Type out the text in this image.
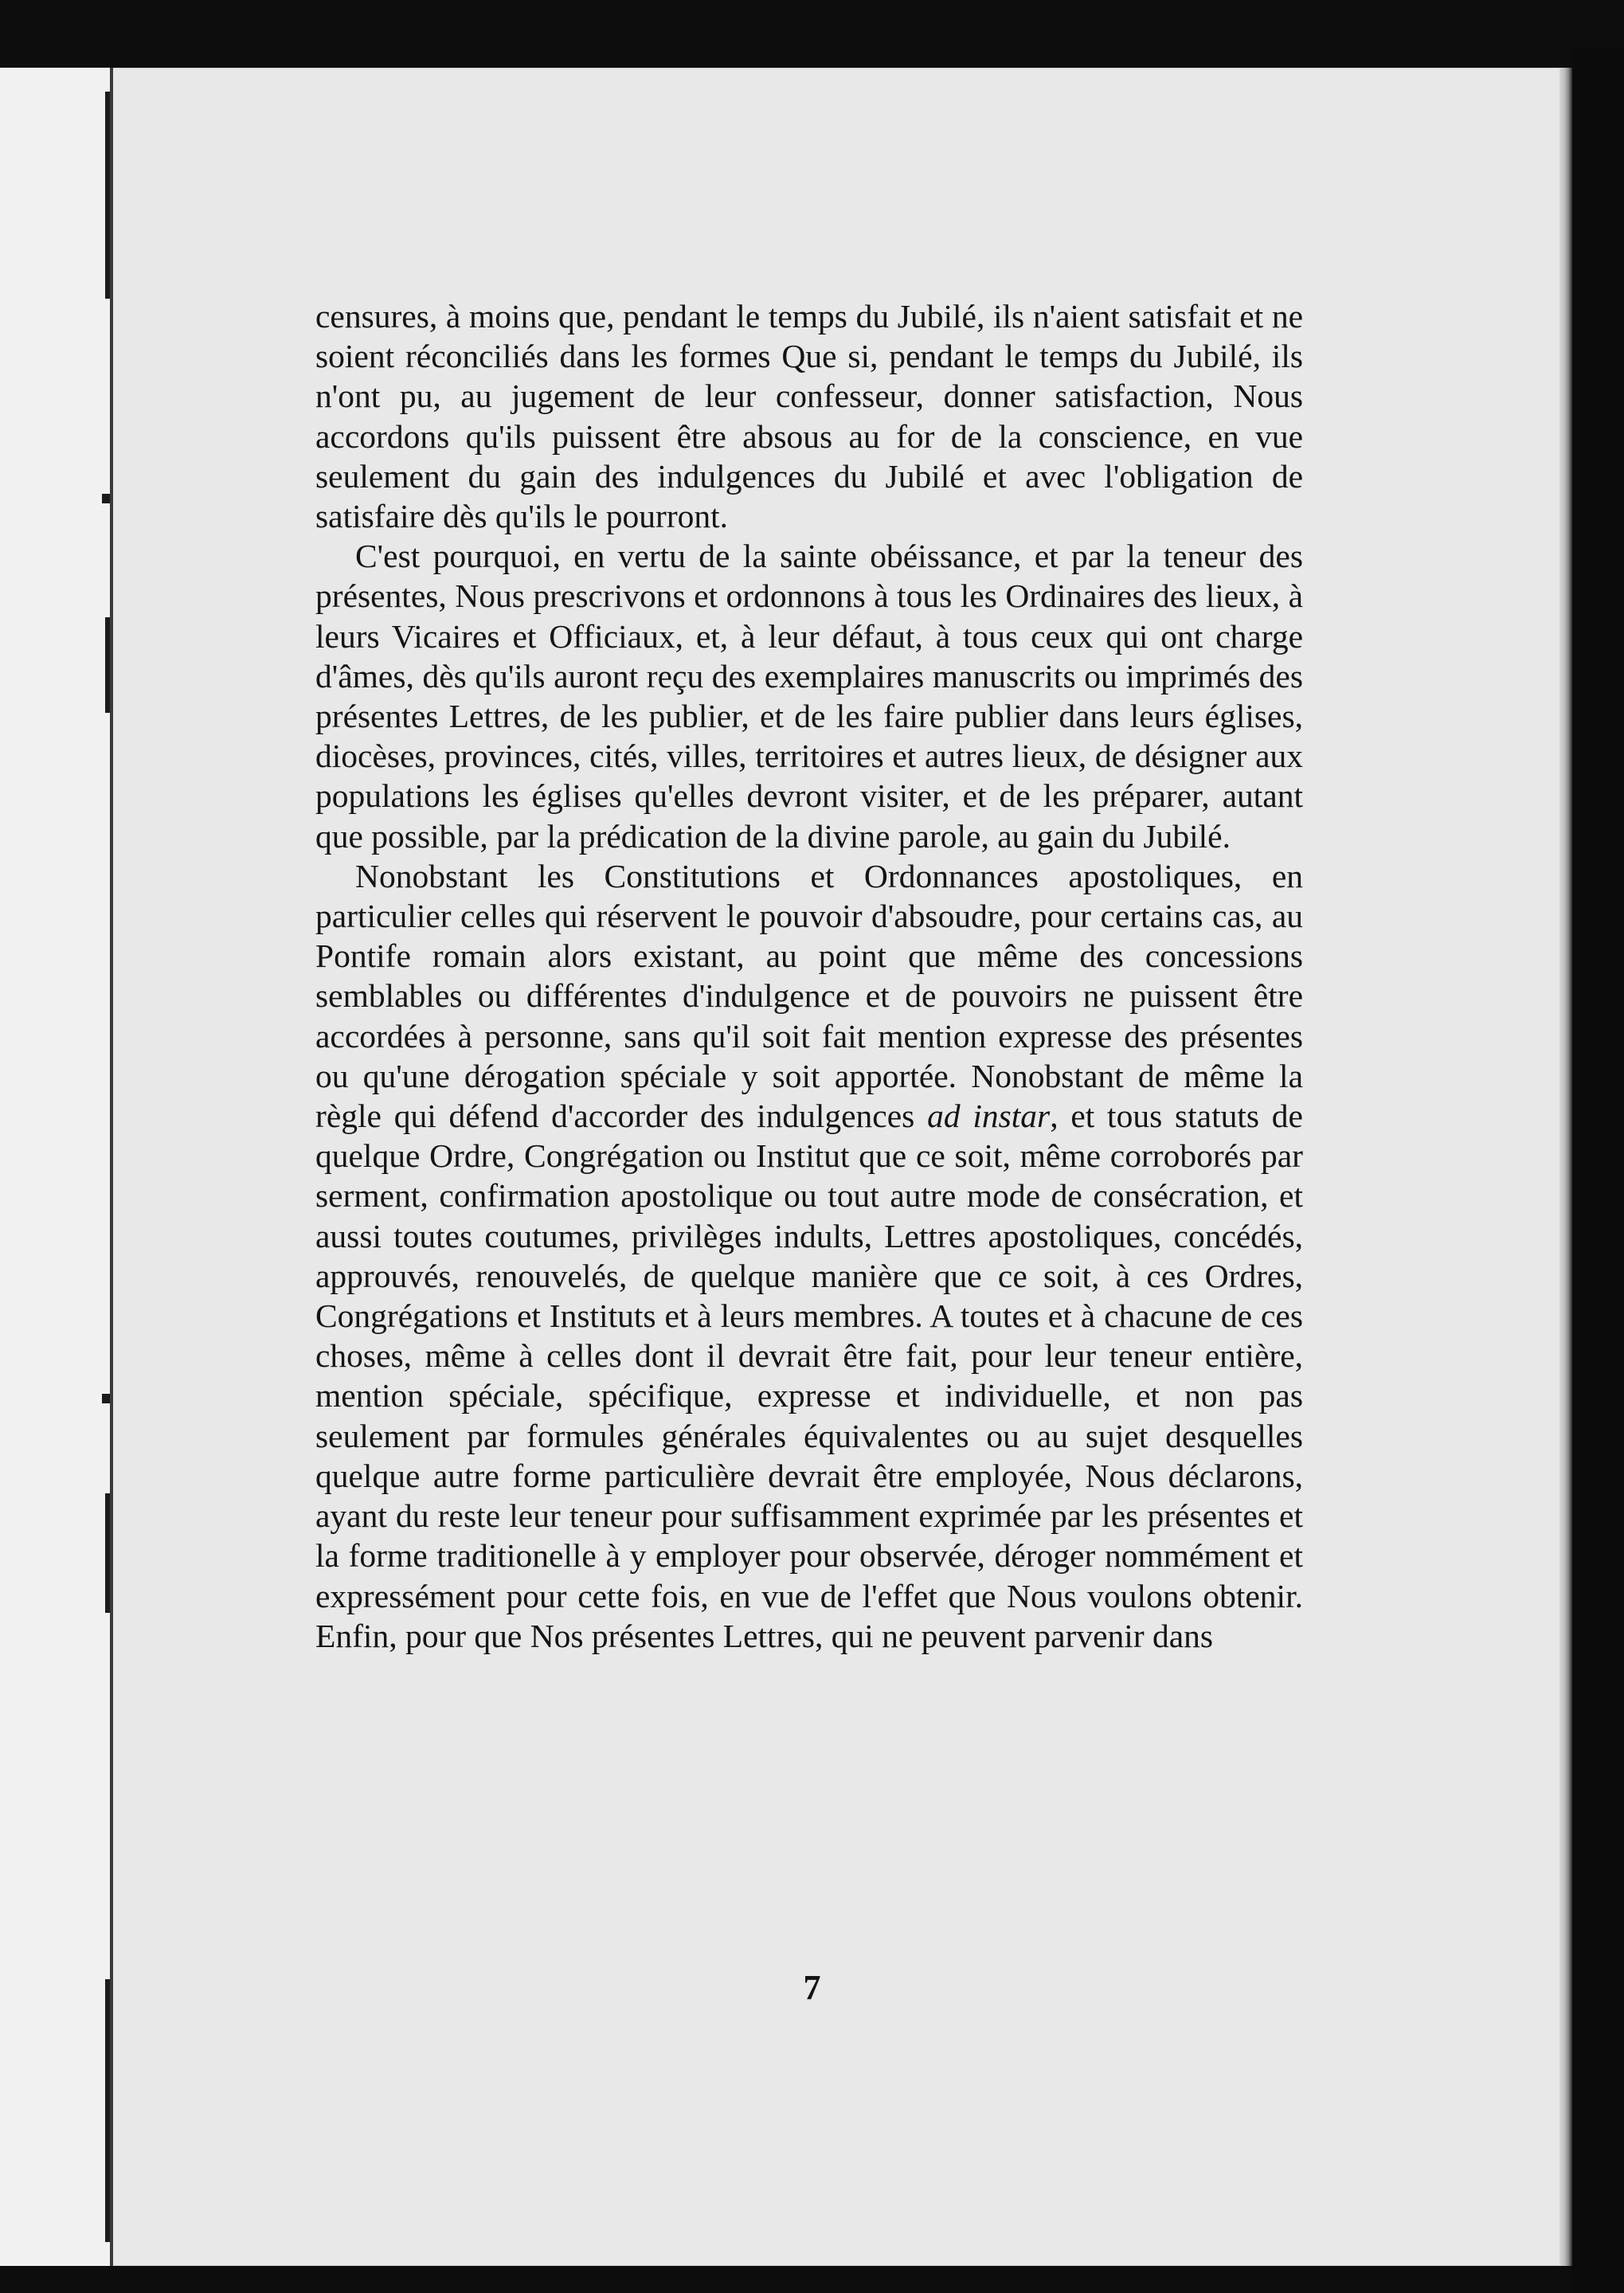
censures, à moins que, pendant le temps du Jubilé, ils n'aient satisfait et ne soient réconciliés dans les formes Que si, pendant le temps du Jubilé, ils n'ont pu, au jugement de leur confesseur, donner satisfaction, Nous accordons qu'ils puissent être absous au for de la conscience, en vue seulement du gain des indulgences du Jubilé et avec l'obligation de satisfaire dès qu'ils le pourront.

C'est pourquoi, en vertu de la sainte obéissance, et par la teneur des présentes, Nous prescrivons et ordonnons à tous les Ordinaires des lieux, à leurs Vicaires et Officiaux, et, à leur défaut, à tous ceux qui ont charge d'âmes, dès qu'ils auront reçu des exemplaires manuscrits ou imprimés des présentes Lettres, de les publier, et de les faire publier dans leurs églises, diocèses, provinces, cités, villes, territoires et autres lieux, de désigner aux populations les églises qu'elles devront visiter, et de les préparer, autant que possible, par la prédication de la divine parole, au gain du Jubilé.

Nonobstant les Constitutions et Ordonnances apostoliques, en particulier celles qui réservent le pouvoir d'absoudre, pour certains cas, au Pontife romain alors existant, au point que même des concessions semblables ou différentes d'indulgence et de pouvoirs ne puissent être accordées à personne, sans qu'il soit fait mention expresse des présentes ou qu'une dérogation spéciale y soit apportée. Nonobstant de même la règle qui défend d'accorder des indulgences ad instar, et tous statuts de quelque Ordre, Congrégation ou Institut que ce soit, même corroborés par serment, confirmation apostolique ou tout autre mode de consécration, et aussi toutes coutumes, privilèges indults, Lettres apostoliques, concédés, approuvés, renouvelés, de quelque manière que ce soit, à ces Ordres, Congrégations et Instituts et à leurs membres. A toutes et à chacune de ces choses, même à celles dont il devrait être fait, pour leur teneur entière, mention spéciale, spécifique, expresse et individuelle, et non pas seulement par formules générales équivalentes ou au sujet desquelles quelque autre forme particulière devrait être employée, Nous déclarons, ayant du reste leur teneur pour suffisamment exprimée par les présentes et la forme traditionelle à y employer pour observée, déroger nommément et expressément pour cette fois, en vue de l'effet que Nous voulons obtenir. Enfin, pour que Nos présentes Lettres, qui ne peuvent parvenir dans

7
